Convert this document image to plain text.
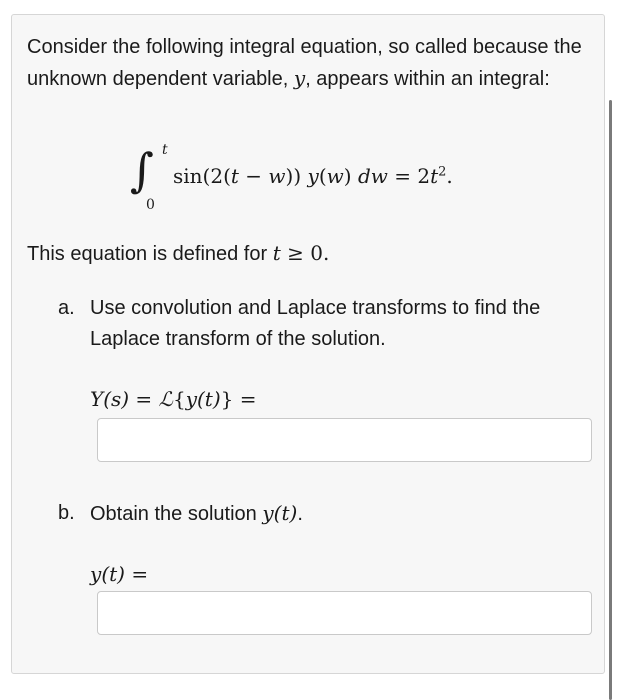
Consider the following integral equation, so called because the unknown dependent variable, y, appears within an integral:

∫ t
0
sin(2(t − w)) y(w) dw = $2t^2$.

This equation is defined for t ≥ 0.

a. Use convolution and Laplace transforms to find the Laplace transform of the solution.
Y(s) = ℒ{y(t)} =
b. Obtain the solution y(t).
y(t) =
